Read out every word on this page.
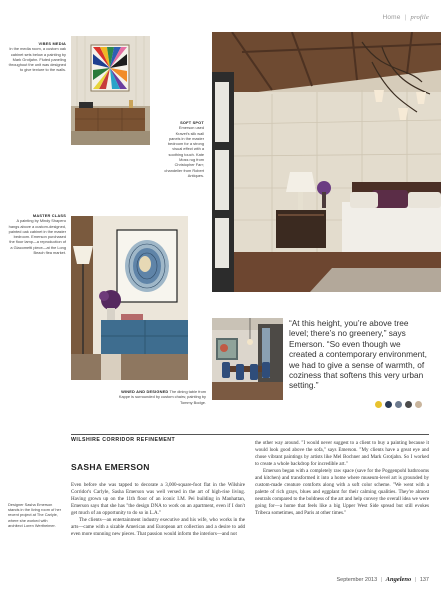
Home | profile
VIBES MEDIA
In the media room, a custom oak cabinet sets below a painting by Mark Grotjahn. Fluted paneling throughout the unit was designed to give texture to the walls.
SOFT SPOT
Emerson used Kravet's silk wall panels in the master bedroom for a strong visual effect with a soothing touch. Kate Moss rug from Christopher Farr; chandelier from Robert Antiques.
MASTER CLASS
A painting by Mindy Shapero hangs above a custom-designed, painted oak cabinet in the master bedroom. Emerson purchased the floor lamp—a reproduction of a Giacometti piece—at the Long Beach flea market.
WINED AND DESIGNED The dining table from Kappe is surrounded by custom chairs; painting by Tommy Bodge.
“At this height, you’re above tree level; there’s no greenery,” says Emerson. “So even though we created a contemporary environment, we had to give a sense of warmth, of coziness that softens this very urban setting.”
WILSHIRE CORRIDOR REFINEMENT
SASHA EMERSON

Even before she was tapped to decorate a 3,000-square-foot flat in the Wilshire Corridor's Carlyle, Sasha Emerson was well versed in the art of high-rise living. Having grown up on the 11th floor of an iconic I.M. Pei building in Manhattan, Emerson says that she has "the design DNA to work on an apartment, even if I don't get much of an opportunity to do so in L.A."

The clients—an entertainment industry executive and his wife, who works in the arts—came with a sizable American and European art collection and a desire to add even more stunning new pieces. That passion would inform the interiors—and not

the other way around. "I would never suggest to a client to buy a painting because it would look good above the sofa," says Emerson. "My clients have a great eye and chose vibrant paintings by artists like Mel Bochner and Mark Grotjahn. So I worked to create a whole backdrop for incredible art."

Emerson began with a completely raw space (save for the Poggenpohl bathrooms and kitchen) and transformed it into a home where museum-level art is grounded by custom-made creature comforts along with a soft color scheme. "We went with a palette of rich grays, blues and eggplant for their calming qualities. They're almost neutrals compared to the boldness of the art and help convey the overall idea we were going for—a home that feels like a big Upper West Side spread but still evokes Tribeca sometimes, and Paris at other times."

Designer Sasha Emerson stands in the living room of her recent project at The Carlyle, where she worked with architect Loren Wertheimer.
September 2013 | Angeleno | 137
